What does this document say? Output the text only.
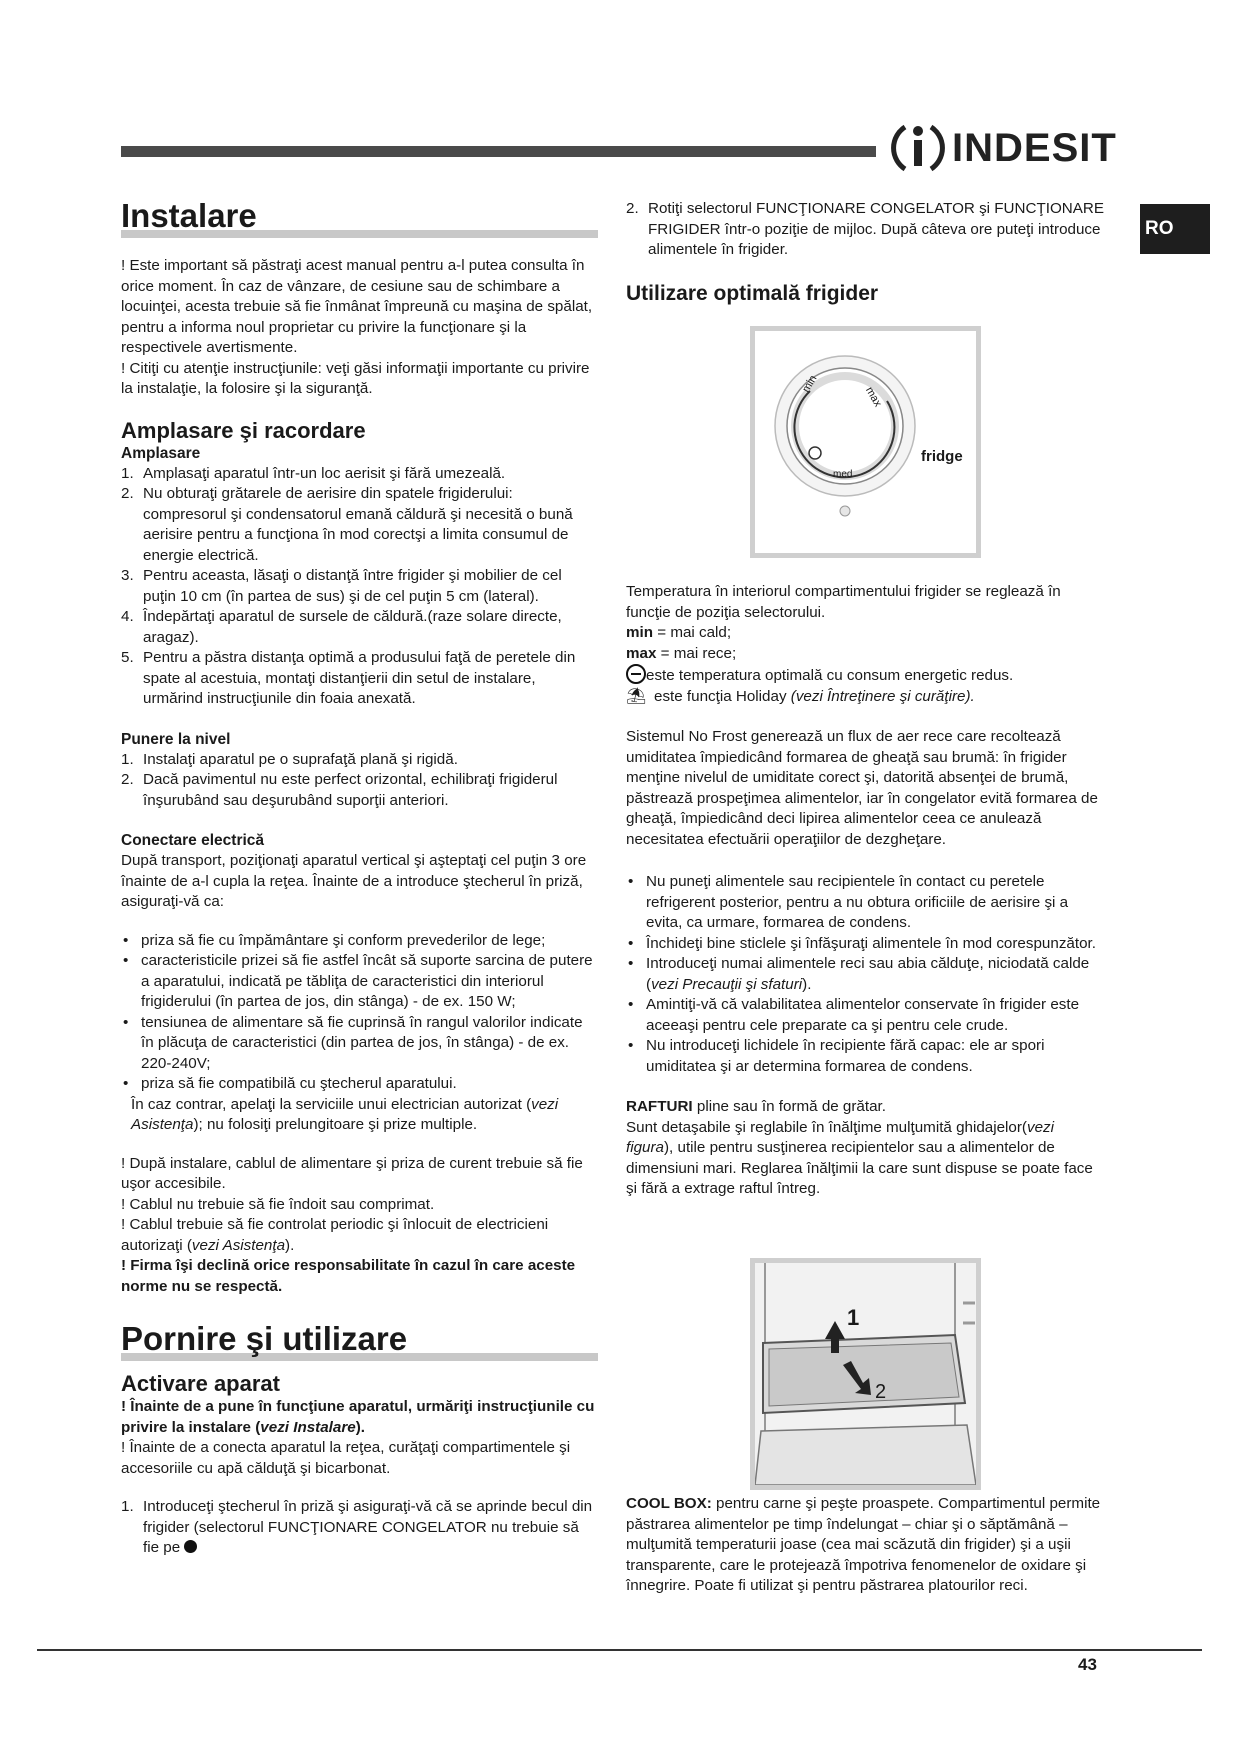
INDESIT
RO
Instalare

! Este important să păstraţi acest manual pentru a-l putea consulta în orice moment. În caz de vânzare, de cesiune sau de schimbare a locuinţei, acesta trebuie să fie înmânat împreună cu maşina de spălat, pentru a informa noul proprietar cu privire la funcţionare şi la respectivele avertismente.

! Citiţi cu atenţie instrucţiunile: veţi găsi informaţii importante cu privire la instalaţie, la folosire şi la siguranţă.

Amplasare şi racordare
Amplasare
1. Amplasaţi aparatul într-un loc aerisit şi fără umezeală.
2. Nu obturaţi grătarele de aerisire din spatele frigiderului: compresorul şi condensatorul emană căldură şi necesită o bună aerisire pentru a funcţiona în mod corectşi a limita consumul de energie electrică.
3. Pentru aceasta, lăsaţi o distanţă între frigider şi mobilier de cel puţin 10 cm (în partea de sus) şi de cel puţin 5 cm (lateral).
4. Îndepărtaţi aparatul de sursele de căldură.(raze solare directe, aragaz).
5. Pentru a păstra distanţa optimă a produsului faţă de peretele din spate al acestuia, montaţi distanţierii din setul de instalare, urmărind instrucţiunile din foaia anexată.
Punere la nivel
1. Instalaţi aparatul pe o suprafaţă plană şi rigidă.
2. Dacă pavimentul nu este perfect orizontal, echilibraţi frigiderul înşurubând sau deşurubând suporţii anteriori.
Conectare electrică

După transport, poziţionaţi aparatul vertical şi aşteptaţi cel puţin 3 ore înainte de a-l cupla la reţea. Înainte de a introduce ştecherul în priză, asiguraţi-vă ca:

• priza să fie cu împământare şi conform prevederilor de lege;
• caracteristicile prizei să fie astfel încât să suporte sarcina de putere a aparatului, indicată pe tăbliţa de caracteristici din interiorul frigiderului (în partea de jos, din stânga) - de ex. 150 W;
• tensiunea de alimentare să fie cuprinsă în rangul valorilor indicate în plăcuţa de caracteristici (din partea de jos, în stânga) - de ex. 220-240V;
• priza să fie compatibilă cu ştecherul aparatului.

În caz contrar, apelaţi la serviciile unui electrician autorizat (vezi Asistenţa); nu folosiţi prelungitoare şi prize multiple.

! După instalare, cablul de alimentare şi priza de curent trebuie să fie uşor accesibile.

! Cablul nu trebuie să fie îndoit sau comprimat.

! Cablul trebuie să fie controlat periodic şi înlocuit de electricieni autorizaţi (vezi Asistenţa).

! Firma îşi declină orice responsabilitate în cazul în care aceste norme nu se respectă.

Pornire şi utilizare
Activare aparat

! Înainte de a pune în funcţiune aparatul, urmăriţi instrucţiunile cu privire la instalare (vezi Instalare).

! Înainte de a conecta aparatul la reţea, curăţaţi compartimentele şi accesoriile cu apă călduţă şi bicarbonat.

1. Introduceţi ştecherul în priză şi asiguraţi-vă că se aprinde becul din frigider (selectorul FUNCŢIONARE CONGELATOR nu trebuie să fie pe
2. Rotiţi selectorul FUNCŢIONARE CONGELATOR şi FUNCŢIONARE FRIGIDER într-o poziţie de mijloc. După câteva ore puteţi introduce alimentele în frigider.
Utilizare optimală frigider
min
max
med
fridge

Temperatura în interiorul compartimentului frigider se reglează în funcţie de poziţia selectorului.

min = mai cald;

max = mai rece;

este temperatura optimală cu consum energetic redus.

⛱ este funcţia Holiday (vezi Întreţinere şi curăţire).

Sistemul No Frost generează un flux de aer rece care recoltează umiditatea împiedicând formarea de gheaţă sau brumă: în frigider menţine nivelul de umiditate corect şi, datorită absenţei de brumă, păstrează prospeţimea alimentelor, iar în congelator evită formarea de gheaţă, împiedicând deci lipirea alimentelor ceea ce anulează necesitatea efectuării operaţiilor de dezgheţare.

• Nu puneţi alimentele sau recipientele în contact cu peretele refrigerent posterior, pentru a nu obtura orificiile de aerisire şi a evita, ca urmare, formarea de condens.
• Închideţi bine sticlele şi înfăşuraţi alimentele în mod corespunzător.
• Introduceţi numai alimentele reci sau abia călduţe, niciodată calde (vezi Precauţii şi sfaturi).
• Amintiţi-vă că valabilitatea alimentelor conservate în frigider este aceeaşi pentru cele preparate ca şi pentru cele crude.
• Nu introduceţi lichidele în recipiente fără capac: ele ar spori umiditatea şi ar determina formarea de condens.

RAFTURI pline sau în formă de grătar.

Sunt detaşabile şi reglabile în înălţime mulţumită ghidajelor(vezi figura), utile pentru susţinerea recipientelor sau a alimentelor de dimensiuni mari. Reglarea înălţimii la care sunt dispuse se poate face şi fără a extrage raftul întreg.

1
2

COOL BOX: pentru carne şi peşte proaspete. Compartimentul permite păstrarea alimentelor pe timp îndelungat – chiar şi o săptămână – mulţumită temperaturii joase (cea mai scăzută din frigider) şi a uşii transparente, care le protejează împotriva fenomenelor de oxidare şi înnegrire. Poate fi utilizat şi pentru păstrarea platourilor reci.

43
